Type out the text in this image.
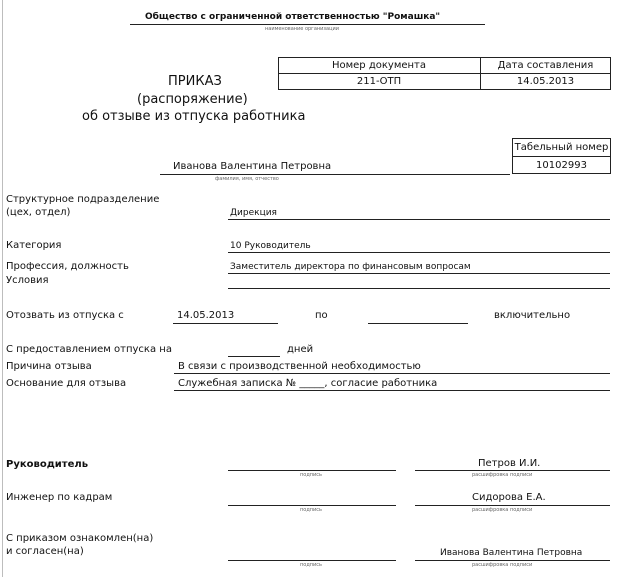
Общество с ограниченной ответственностью "Ромашка"
наименование организации
Номер документа	Дата составления
211-ОТП	14.05.2013
ПРИКАЗ
(распоряжение)
об отзыве из отпуска работника
Табельный номер
10102993
Иванова Валентина Петровна
фамилия, имя, отчество
Структурное подразделение
(цех, отдел)	Дирекция
Категория	10 Руководитель
Профессия, должность	Заместитель директора по финансовым вопросам
Условия
Отозвать из отпуска с	14.05.2013	по	включительно
С предоставлением отпуска на	дней
Причина отзыва	В связи с производственной необходимостью
Основание для отзыва	Служебная записка № _____, согласие работника
Руководитель
подпись
Петров И.И.
расшифровка подписи
Инженер по кадрам
подпись
Сидорова Е.А.
расшифровка подписи
С приказом ознакомлен(на)
и согласен(на)
подпись
Иванова Валентина Петровна
расшифровка подписи
